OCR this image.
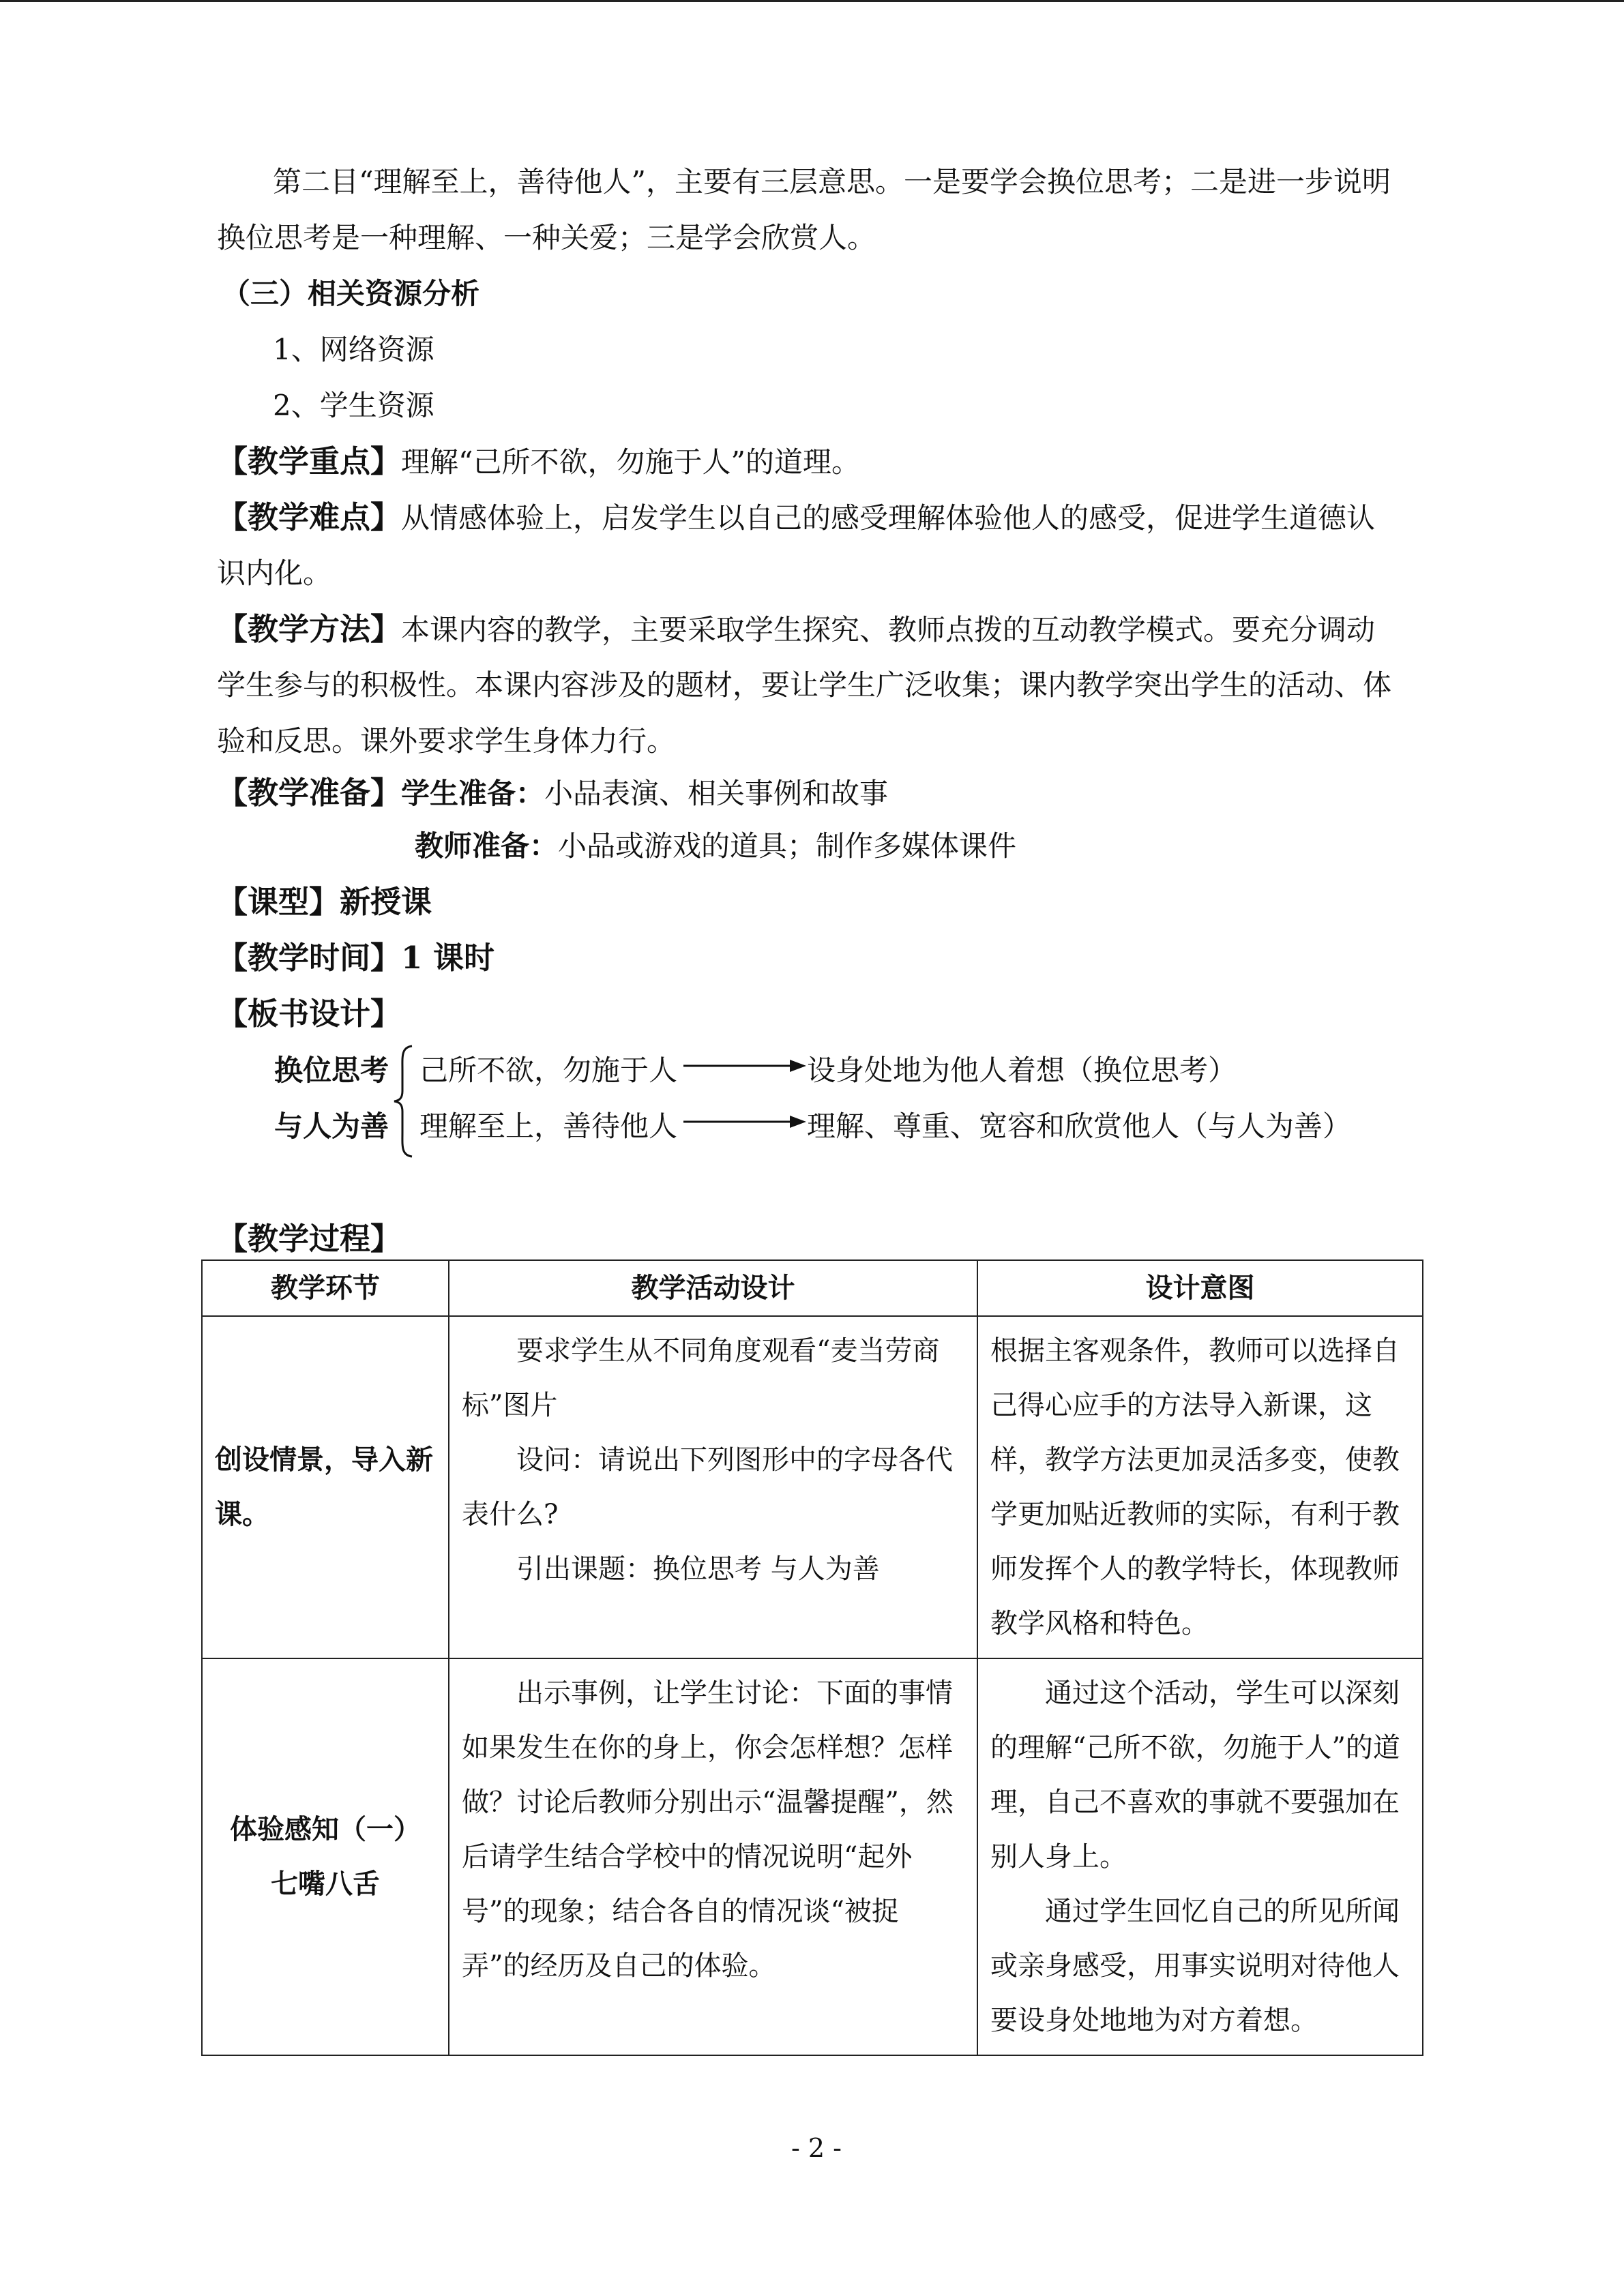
第二目“理解至上，善待他人”，主要有三层意思。一是要学会换位思考；二是进一步说明
换位思考是一种理解、一种关爱；三是学会欣赏人。
（三）相关资源分析
1、网络资源
2、学生资源
【教学重点】理解“己所不欲，勿施于人”的道理。
【教学难点】从情感体验上，启发学生以自己的感受理解体验他人的感受，促进学生道德认
识内化。
【教学方法】本课内容的教学，主要采取学生探究、教师点拨的互动教学模式。要充分调动
学生参与的积极性。本课内容涉及的题材，要让学生广泛收集；课内教学突出学生的活动、体
验和反思。课外要求学生身体力行。
【教学准备】学生准备：小品表演、相关事例和故事
教师准备：小品或游戏的道具；制作多媒体课件
【课型】新授课
【教学时间】1 课时
【板书设计】
换位思考
与人为善
己所不欲，勿施于人
理解至上，善待他人
设身处地为他人着想（换位思考）
理解、尊重、宽容和欣赏他人（与人为善）
【教学过程】
教学环节	教学活动设计	设计意图
创设情景，导入新课。	要求学生从不同角度观看“麦当劳商标”图片
设问：请说出下列图形中的字母各代表什么?
引出课题：换位思考 与人为善	根据主客观条件，教师可以选择自己得心应手的方法导入新课，这样，教学方法更加灵活多变，使教学更加贴近教师的实际，有利于教师发挥个人的教学特长，体现教师教学风格和特色。

体验感知（一）
七嘴八舌	出示事例，让学生讨论：下面的事情如果发生在你的身上，你会怎样想？怎样做？讨论后教师分别出示“温馨提醒”，然后请学生结合学校中的情况说明“起外号”的现象；结合各自的情况谈“被捉弄”的经历及自己的体验。	通过这个活动，学生可以深刻的理解“己所不欲，勿施于人”的道理，自己不喜欢的事就不要强加在别人身上。
通过学生回忆自己的所见所闻或亲身感受，用事实说明对待他人要设身处地地为对方着想。
- 2 -
